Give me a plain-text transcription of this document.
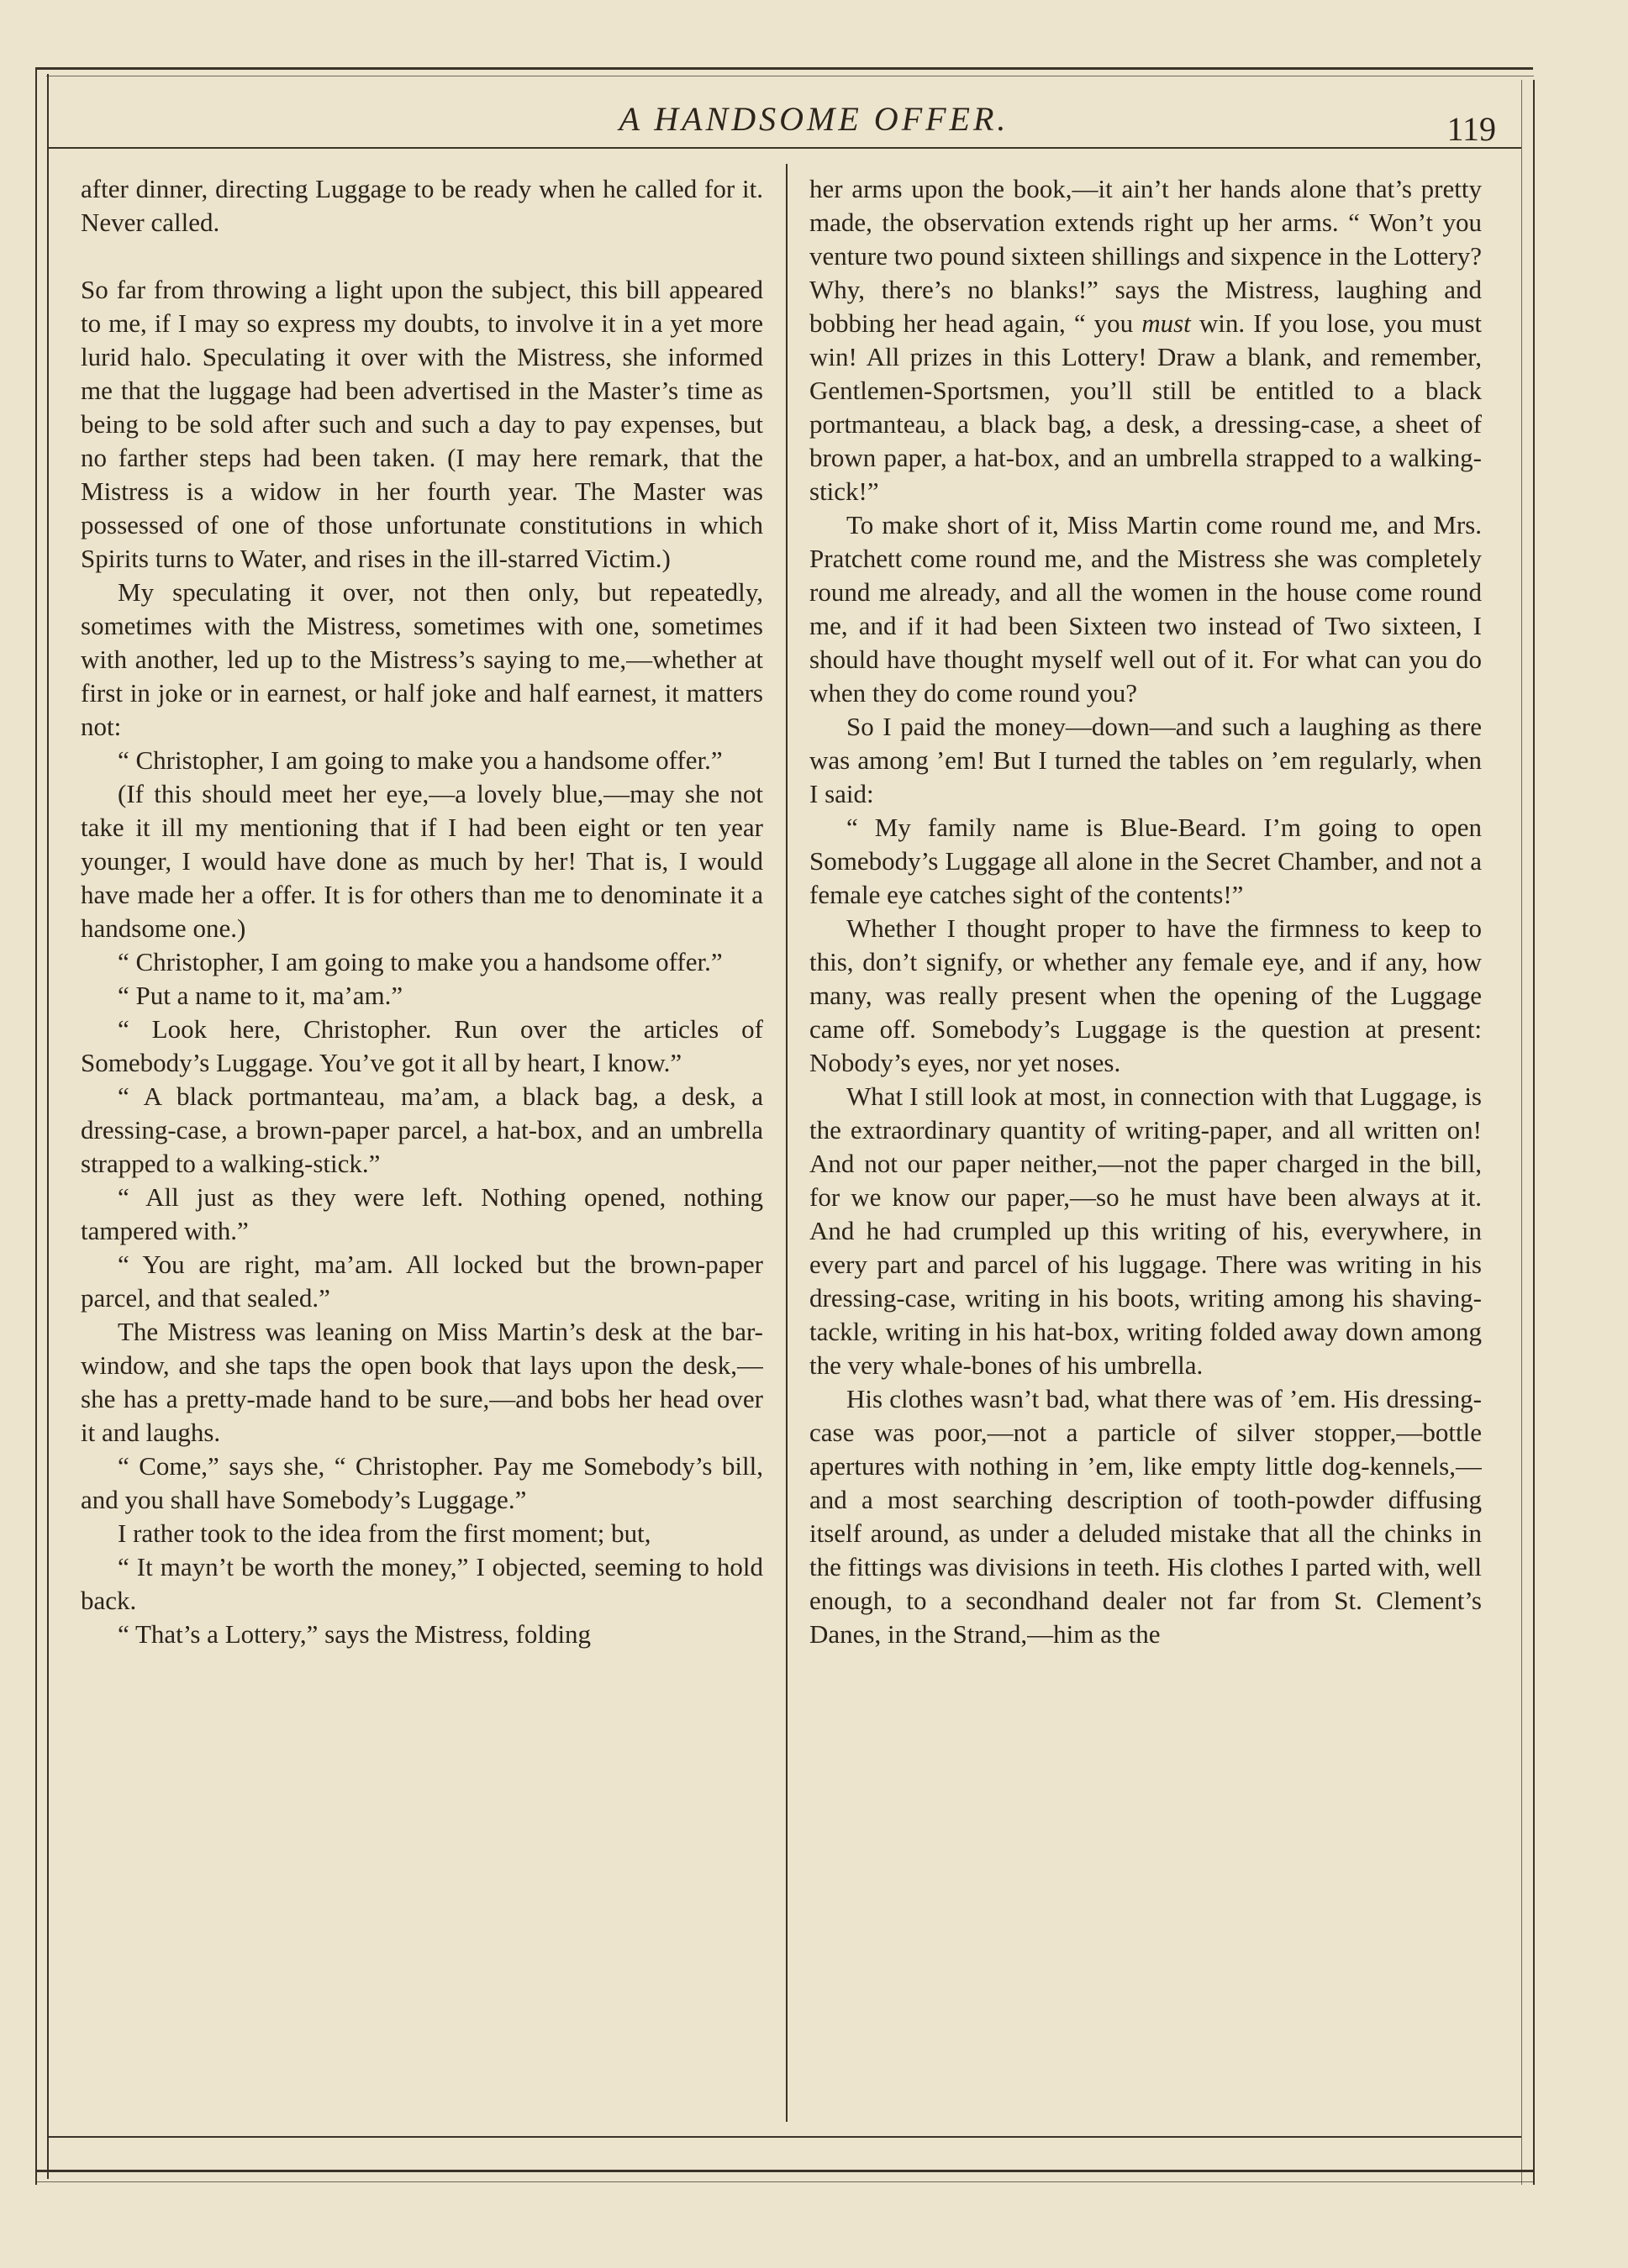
A HANDSOME OFFER.	119

after dinner, directing Luggage to be ready when he called for it. Never called.

So far from throwing a light upon the subject, this bill appeared to me, if I may so express my doubts, to involve it in a yet more lurid halo. Speculating it over with the Mistress, she informed me that the luggage had been advertised in the Master’s time as being to be sold after such and such a day to pay expenses, but no farther steps had been taken. (I may here remark, that the Mistress is a widow in her fourth year. The Master was possessed of one of those unfortunate constitutions in which Spirits turns to Water, and rises in the ill-starred Victim.)

My speculating it over, not then only, but repeatedly, sometimes with the Mistress, sometimes with one, sometimes with another, led up to the Mistress’s saying to me,—whether at first in joke or in earnest, or half joke and half earnest, it matters not:

“ Christopher, I am going to make you a handsome offer.”

(If this should meet her eye,—a lovely blue,—may she not take it ill my mentioning that if I had been eight or ten year younger, I would have done as much by her! That is, I would have made her a offer. It is for others than me to denominate it a handsome one.)

“ Christopher, I am going to make you a handsome offer.”

“ Put a name to it, ma’am.”

“ Look here, Christopher. Run over the articles of Somebody’s Luggage. You’ve got it all by heart, I know.”

“ A black portmanteau, ma’am, a black bag, a desk, a dressing-case, a brown-paper parcel, a hat-box, and an umbrella strapped to a walking-stick.”

“ All just as they were left. Nothing opened, nothing tampered with.”

“ You are right, ma’am. All locked but the brown-paper parcel, and that sealed.”

The Mistress was leaning on Miss Martin’s desk at the bar-window, and she taps the open book that lays upon the desk,—she has a pretty-made hand to be sure,—and bobs her head over it and laughs.

“ Come,” says she, “ Christopher. Pay me Somebody’s bill, and you shall have Somebody’s Luggage.”

I rather took to the idea from the first moment; but,

“ It mayn’t be worth the money,” I objected, seeming to hold back.

“ That’s a Lottery,” says the Mistress, folding

her arms upon the book,—it ain’t her hands alone that’s pretty made, the observation extends right up her arms. “ Won’t you venture two pound sixteen shillings and sixpence in the Lottery? Why, there’s no blanks!” says the Mistress, laughing and bobbing her head again, “ you must win. If you lose, you must win! All prizes in this Lottery! Draw a blank, and remember, Gentlemen-Sportsmen, you’ll still be entitled to a black portmanteau, a black bag, a desk, a dressing-case, a sheet of brown paper, a hat-box, and an umbrella strapped to a walking-stick!”

To make short of it, Miss Martin come round me, and Mrs. Pratchett come round me, and the Mistress she was completely round me already, and all the women in the house come round me, and if it had been Sixteen two instead of Two sixteen, I should have thought myself well out of it. For what can you do when they do come round you?

So I paid the money—down—and such a laughing as there was among ’em! But I turned the tables on ’em regularly, when I said:

“ My family name is Blue-Beard. I’m going to open Somebody’s Luggage all alone in the Secret Chamber, and not a female eye catches sight of the contents!”

Whether I thought proper to have the firmness to keep to this, don’t signify, or whether any female eye, and if any, how many, was really present when the opening of the Luggage came off. Somebody’s Luggage is the question at present: Nobody’s eyes, nor yet noses.

What I still look at most, in connection with that Luggage, is the extraordinary quantity of writing-paper, and all written on! And not our paper neither,—not the paper charged in the bill, for we know our paper,—so he must have been always at it. And he had crumpled up this writing of his, everywhere, in every part and parcel of his luggage. There was writing in his dressing-case, writing in his boots, writing among his shaving-tackle, writing in his hat-box, writing folded away down among the very whale-bones of his umbrella.

His clothes wasn’t bad, what there was of ’em. His dressing-case was poor,—not a particle of silver stopper,—bottle apertures with nothing in ’em, like empty little dog-kennels,—and a most searching description of tooth-powder diffusing itself around, as under a deluded mistake that all the chinks in the fittings was divisions in teeth. His clothes I parted with, well enough, to a secondhand dealer not far from St. Clement’s Danes, in the Strand,—him as the
